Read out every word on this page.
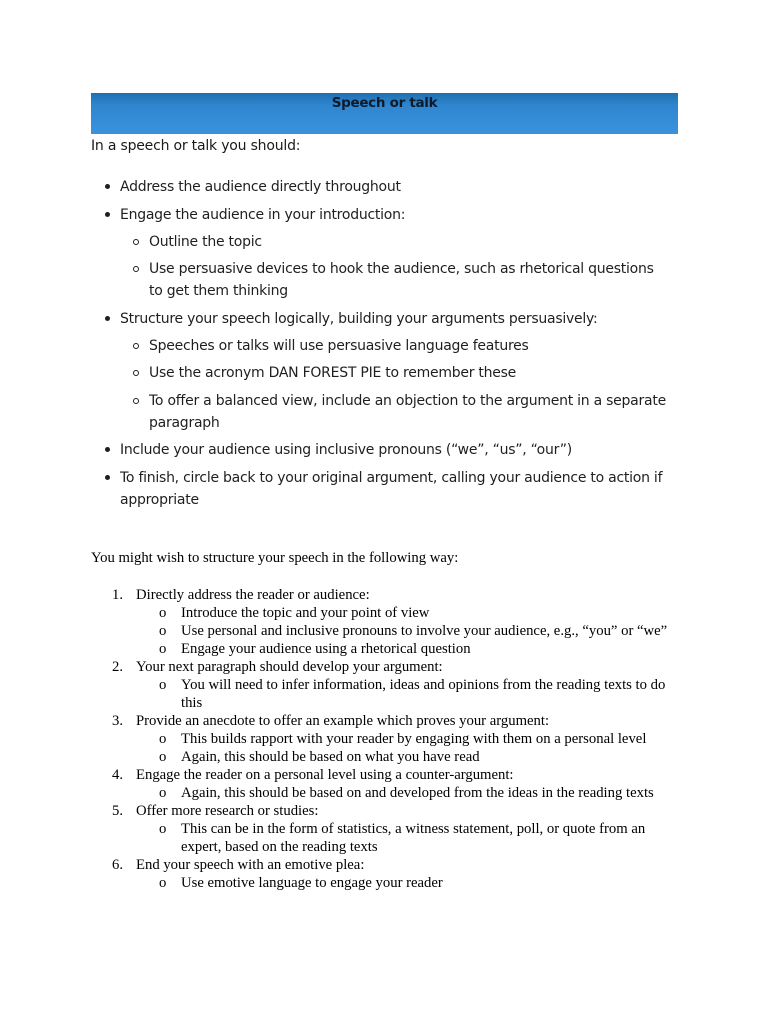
Speech or talk
In a speech or talk you should:
Address the audience directly throughout
Engage the audience in your introduction:
Outline the topic
Use persuasive devices to hook the audience, such as rhetorical questions to get them thinking
Structure your speech logically, building your arguments persuasively:
Speeches or talks will use persuasive language features
Use the acronym DAN FOREST PIE to remember these
To offer a balanced view, include an objection to the argument in a separate paragraph
Include your audience using inclusive pronouns (“we”, “us”, “our”)
To finish, circle back to your original argument, calling your audience to action if appropriate
You might wish to structure your speech in the following way:
1. Directly address the reader or audience:
o Introduce the topic and your point of view
o Use personal and inclusive pronouns to involve your audience, e.g., “you” or “we”
o Engage your audience using a rhetorical question
2. Your next paragraph should develop your argument:
o You will need to infer information, ideas and opinions from the reading texts to do this
3. Provide an anecdote to offer an example which proves your argument:
o This builds rapport with your reader by engaging with them on a personal level
o Again, this should be based on what you have read
4. Engage the reader on a personal level using a counter-argument:
o Again, this should be based on and developed from the ideas in the reading texts
5. Offer more research or studies:
o This can be in the form of statistics, a witness statement, poll, or quote from an expert, based on the reading texts
6. End your speech with an emotive plea:
o Use emotive language to engage your reader
